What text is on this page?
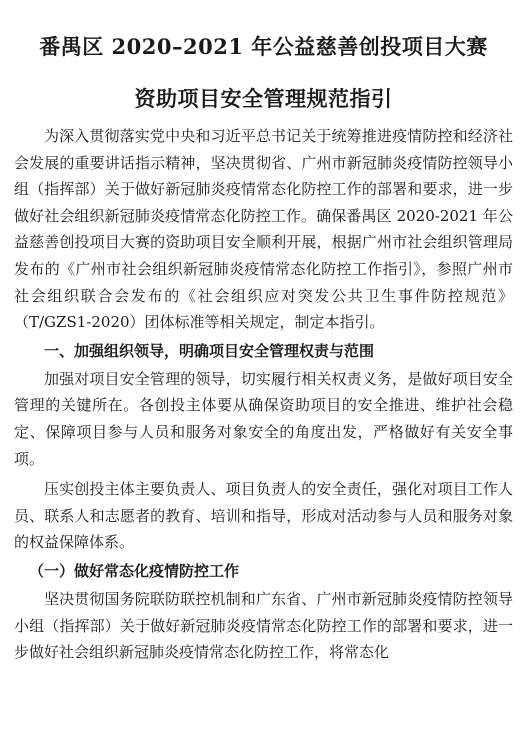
番禺区 2020–2021 年公益慈善创投项目大赛
资助项目安全管理规范指引

为深入贯彻落实党中央和习近平总书记关于统筹推进疫情防控和经济社会发展的重要讲话指示精神，坚决贯彻省、广州市新冠肺炎疫情防控领导小组（指挥部）关于做好新冠肺炎疫情常态化防控工作的部署和要求，进一步做好社会组织新冠肺炎疫情常态化防控工作。确保番禺区 2020-2021 年公益慈善创投项目大赛的资助项目安全顺利开展，根据广州市社会组织管理局发布的《广州市社会组织新冠肺炎疫情常态化防控工作指引》，参照广州市社会组织联合会发布的《社会组织应对突发公共卫生事件防控规范》（T/GZS1-2020）团体标准等相关规定，制定本指引。

一、加强组织领导，明确项目安全管理权责与范围

加强对项目安全管理的领导，切实履行相关权责义务，是做好项目安全管理的关键所在。各创投主体要从确保资助项目的安全推进、维护社会稳定、保障项目参与人员和服务对象安全的角度出发，严格做好有关安全事项。

压实创投主体主要负责人、项目负责人的安全责任，强化对项目工作人员、联系人和志愿者的教育、培训和指导，形成对活动参与人员和服务对象的权益保障体系。

（一）做好常态化疫情防控工作

坚决贯彻国务院联防联控机制和广东省、广州市新冠肺炎疫情防控领导小组（指挥部）关于做好新冠肺炎疫情常态化防控工作的部署和要求，进一步做好社会组织新冠肺炎疫情常态化防控工作，将常态化
